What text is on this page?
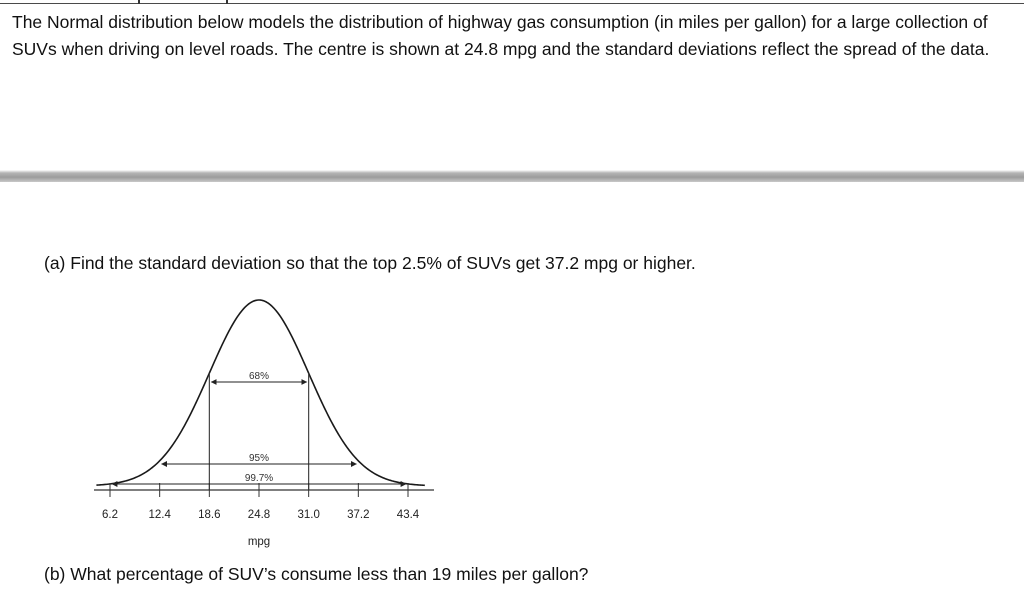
The Normal distribution below models the distribution of highway gas consumption (in miles per gallon) for a large collection of SUVs when driving on level roads. The centre is shown at 24.8 mpg and the standard deviations reflect the spread of the data.

(a) Find the standard deviation so that the top 2.5% of SUVs get 37.2 mpg or higher.

6.2	12.4 18.6 24.8 31.0 37.2 43.4
68%
95%
99.7%
mpg

(b) What percentage of SUV’s consume less than 19 miles per gallon?
